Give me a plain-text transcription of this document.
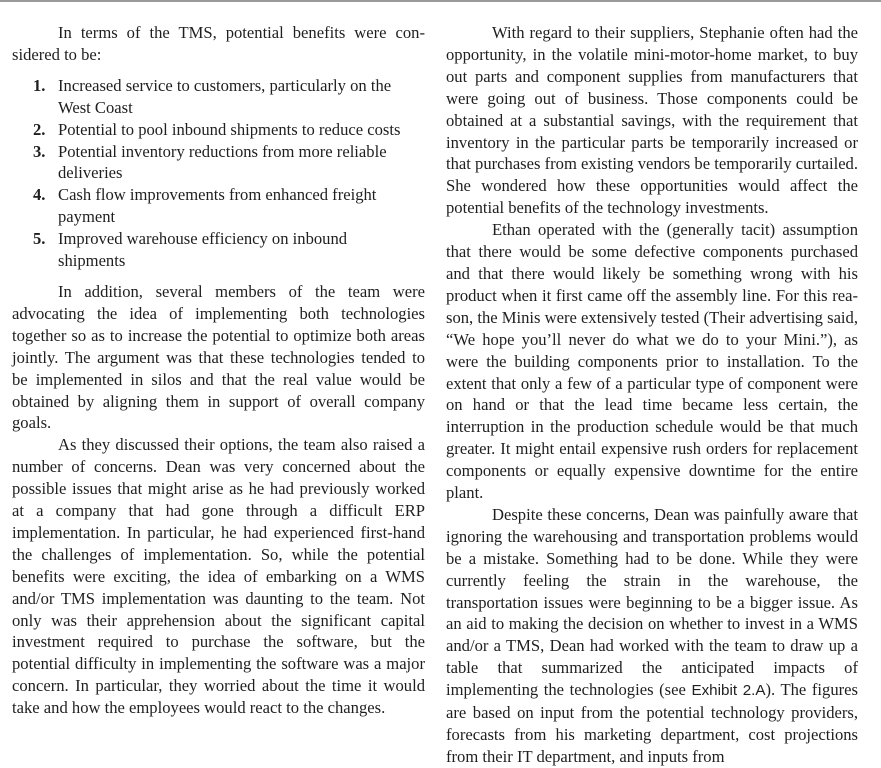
In terms of the TMS, potential benefits were considered to be:

1. Increased service to customers, particularly on the West Coast
2. Potential to pool inbound shipments to reduce costs
3. Potential inventory reductions from more reliable deliveries
4. Cash flow improvements from enhanced freight payment
5. Improved warehouse efficiency on inbound shipments

In addition, several members of the team were advocating the idea of implementing both technologies together so as to increase the potential to optimize both areas jointly. The argument was that these technologies tended to be implemented in silos and that the real value would be obtained by aligning them in support of overall company goals.

As they discussed their options, the team also raised a number of concerns. Dean was very concerned about the possible issues that might arise as he had previously worked at a company that had gone through a difficult ERP implementation. In particular, he had experienced first-hand the challenges of implementation. So, while the potential benefits were exciting, the idea of embarking on a WMS and/or TMS implementation was daunting to the team. Not only was their apprehension about the significant capital investment required to purchase the software, but the potential difficulty in implementing the software was a major concern. In particular, they worried about the time it would take and how the employees would react to the changes.

With regard to their suppliers, Stephanie often had the opportunity, in the volatile mini-motor-home market, to buy out parts and component supplies from manufacturers that were going out of business. Those components could be obtained at a substantial savings, with the requirement that inventory in the particular parts be temporarily increased or that purchases from existing vendors be temporarily curtailed. She wondered how these opportunities would affect the potential benefits of the technology investments.

Ethan operated with the (generally tacit) assumption that there would be some defective components purchased and that there would likely be something wrong with his product when it first came off the assembly line. For this reason, the Minis were extensively tested (Their advertising said, “We hope you’ll never do what we do to your Mini.”), as were the building components prior to installation. To the extent that only a few of a particular type of component were on hand or that the lead time became less certain, the interruption in the production schedule would be that much greater. It might entail expensive rush orders for replacement components or equally expensive downtime for the entire plant.

Despite these concerns, Dean was painfully aware that ignoring the warehousing and transportation problems would be a mistake. Something had to be done. While they were currently feeling the strain in the warehouse, the transportation issues were beginning to be a bigger issue. As an aid to making the decision on whether to invest in a WMS and/or a TMS, Dean had worked with the team to draw up a table that summarized the anticipated impacts of implementing the technologies (see Exhibit 2.A). The figures are based on input from the potential technology providers, forecasts from his marketing department, cost projections from their IT department, and inputs from
